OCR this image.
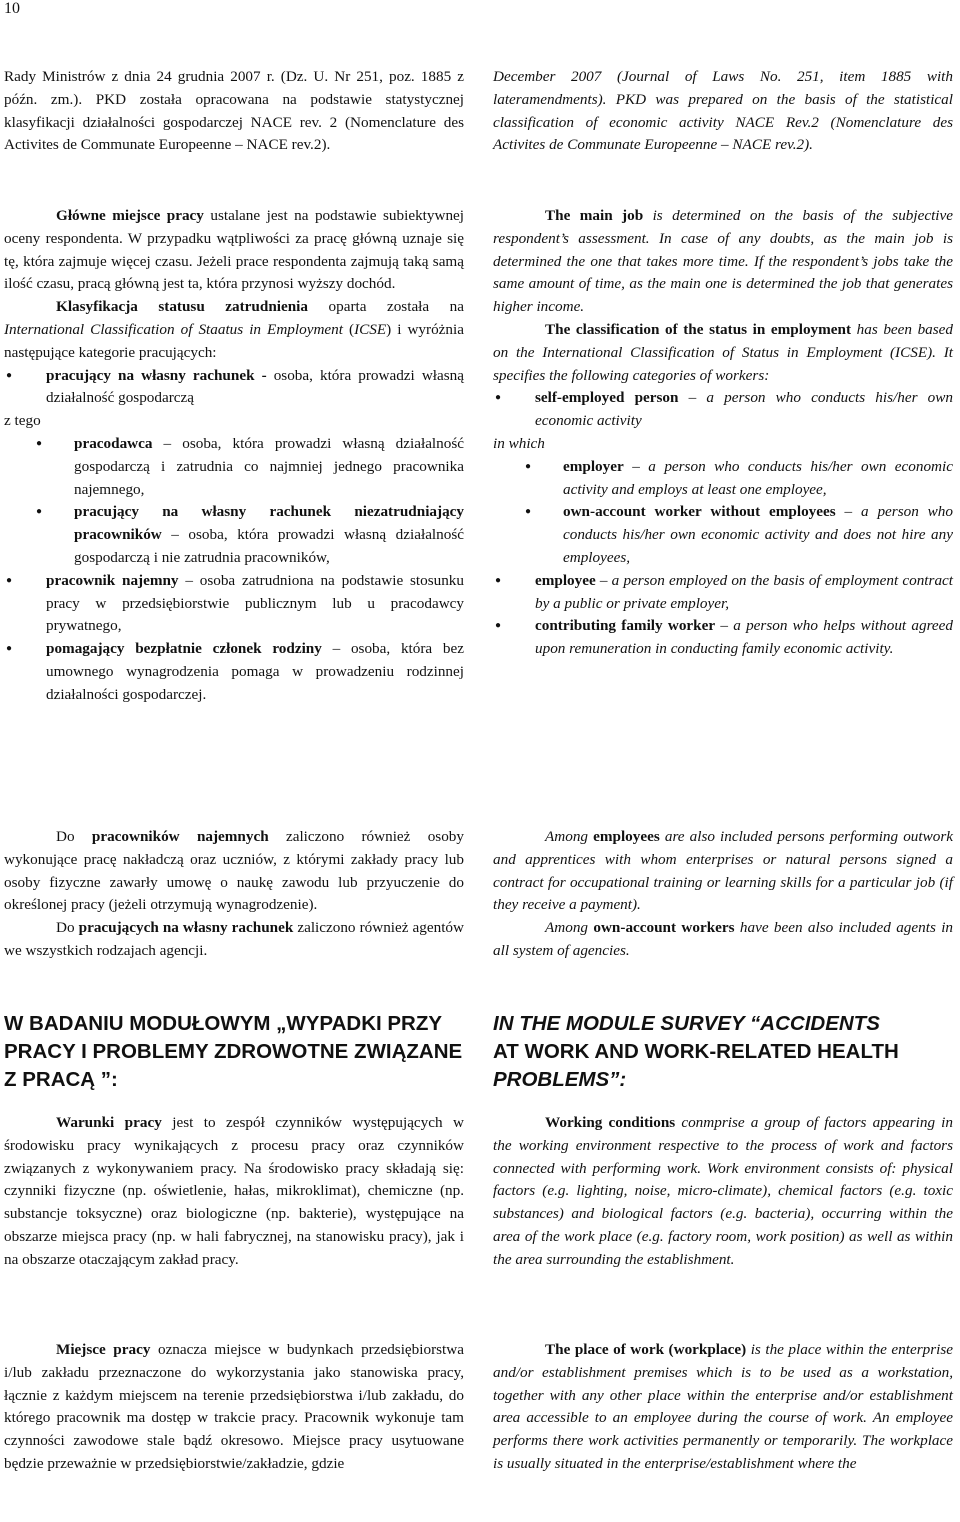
10

Rady Ministrów z dnia 24 grudnia 2007 r. (Dz. U. Nr 251, poz. 1885 z późn. zm.). PKD została opracowana na podstawie statystycznej klasyfikacji działalności gospodarczej NACE rev. 2 (Nomenclature des Activites de Communate Europeenne – NACE rev.2).

Główne miejsce pracy ustalane jest na podstawie subiektywnej oceny respondenta. W przypadku wątpliwości za pracę główną uznaje się tę, która zajmuje więcej czasu. Jeżeli prace respondenta zajmują taką samą ilość czasu, pracą główną jest ta, która przynosi wyższy dochód.

Klasyfikacja statusu zatrudnienia oparta została na International Classification of Staatus in Employment (ICSE) i wyróżnia następujące kategorie pracujących:

● pracujący na własny rachunek - osoba, która prowadzi własną działalność gospodarczą

z tego

● pracodawca – osoba, która prowadzi własną działalność gospodarczą i zatrudnia co najmniej jednego pracownika najemnego,

● pracujący na własny rachunek niezatrudniający pracowników – osoba, która prowadzi własną działalność gospodarczą i nie zatrudnia pracowników,

● pracownik najemny – osoba zatrudniona na podstawie stosunku pracy w przedsiębiorstwie publicznym lub u pracodawcy prywatnego,

● pomagający bezpłatnie członek rodziny – osoba, która bez umownego wynagrodzenia pomaga w prowadzeniu rodzinnej działalności gospodarczej.

Do pracowników najemnych zaliczono również osoby wykonujące pracę nakładczą oraz uczniów, z którymi zakłady pracy lub osoby fizyczne zawarły umowę o naukę zawodu lub przyuczenie do określonej pracy (jeżeli otrzymują wynagrodzenie).

Do pracujących na własny rachunek zaliczono również agentów we wszystkich rodzajach agencji.

W BADANIU MODUŁOWYM „WYPADKI PRZY PRACY I PROBLEMY ZDROWOTNE ZWIĄZANE Z PRACĄ ”:

Warunki pracy jest to zespół czynników występujących w środowisku pracy wynikających z procesu pracy oraz czynników związanych z wykonywaniem pracy. Na środowisko pracy składają się: czynniki fizyczne (np. oświetlenie, hałas, mikroklimat), chemiczne (np. substancje toksyczne) oraz biologiczne (np. bakterie), występujące na obszarze miejsca pracy (np. w hali fabrycznej, na stanowisku pracy), jak i na obszarze otaczającym zakład pracy.

Miejsce pracy oznacza miejsce w budynkach przedsiębiorstwa i/lub zakładu przeznaczone do wykorzystania jako stanowiska pracy, łącznie z każdym miejscem na terenie przedsiębiorstwa i/lub zakładu, do którego pracownik ma dostęp w trakcie pracy. Pracownik wykonuje tam czynności zawodowe stale bądź okresowo. Miejsce pracy usytuowane będzie przeważnie w przedsiębiorstwie/zakładzie, gdzie

December 2007 (Journal of Laws No. 251, item 1885 with lateramendments). PKD was prepared on the basis of the statistical classification of economic activity NACE Rev.2 (Nomenclature des Activites de Communate Europeenne – NACE rev.2).

The main job is determined on the basis of the subjective respondent’s assessment. In case of any doubts, as the main job is determined the one that takes more time. If the respondent’s jobs take the same amount of time, as the main one is determined the job that generates higher income.

The classification of the status in employment has been based on the International Classification of Status in Employment (ICSE). It specifies the following categories of workers:

● self-employed person – a person who conducts his/her own economic activity

in which

● employer – a person who conducts his/her own economic activity and employs at least one employee,

● own-account worker without employees – a person who conducts his/her own economic activity and does not hire any employees,

● employee – a person employed on the basis of employment contract by a public or private employer,

● contributing family worker – a person who helps without agreed upon remuneration in conducting family economic activity.

Among employees are also included persons performing outwork and apprentices with whom enterprises or natural persons signed a contract for occupational training or learning skills for a particular job (if they receive a payment).

Among own-account workers have been also included agents in all system of agencies.

IN THE MODULE SURVEY “ACCIDENTS
AT WORK AND WORK-RELATED HEALTH
PROBLEMS”:

Working conditions conmprise a group of factors appearing in the working environment respective to the process of work and factors connected with performing work. Work environment consists of: physical factors (e.g. lighting, noise, micro-climate), chemical factors (e.g. toxic substances) and biological factors (e.g. bacteria), occurring within the area of the work place (e.g. factory room, work position) as well as within the area surrounding the establishment.

The place of work (workplace) is the place within the enterprise and/or establishment premises which is to be used as a workstation, together with any other place within the enterprise and/or establishment area accessible to an employee during the course of work. An employee performs there work activities permanently or temporarily. The workplace is usually situated in the enterprise/establishment where the
